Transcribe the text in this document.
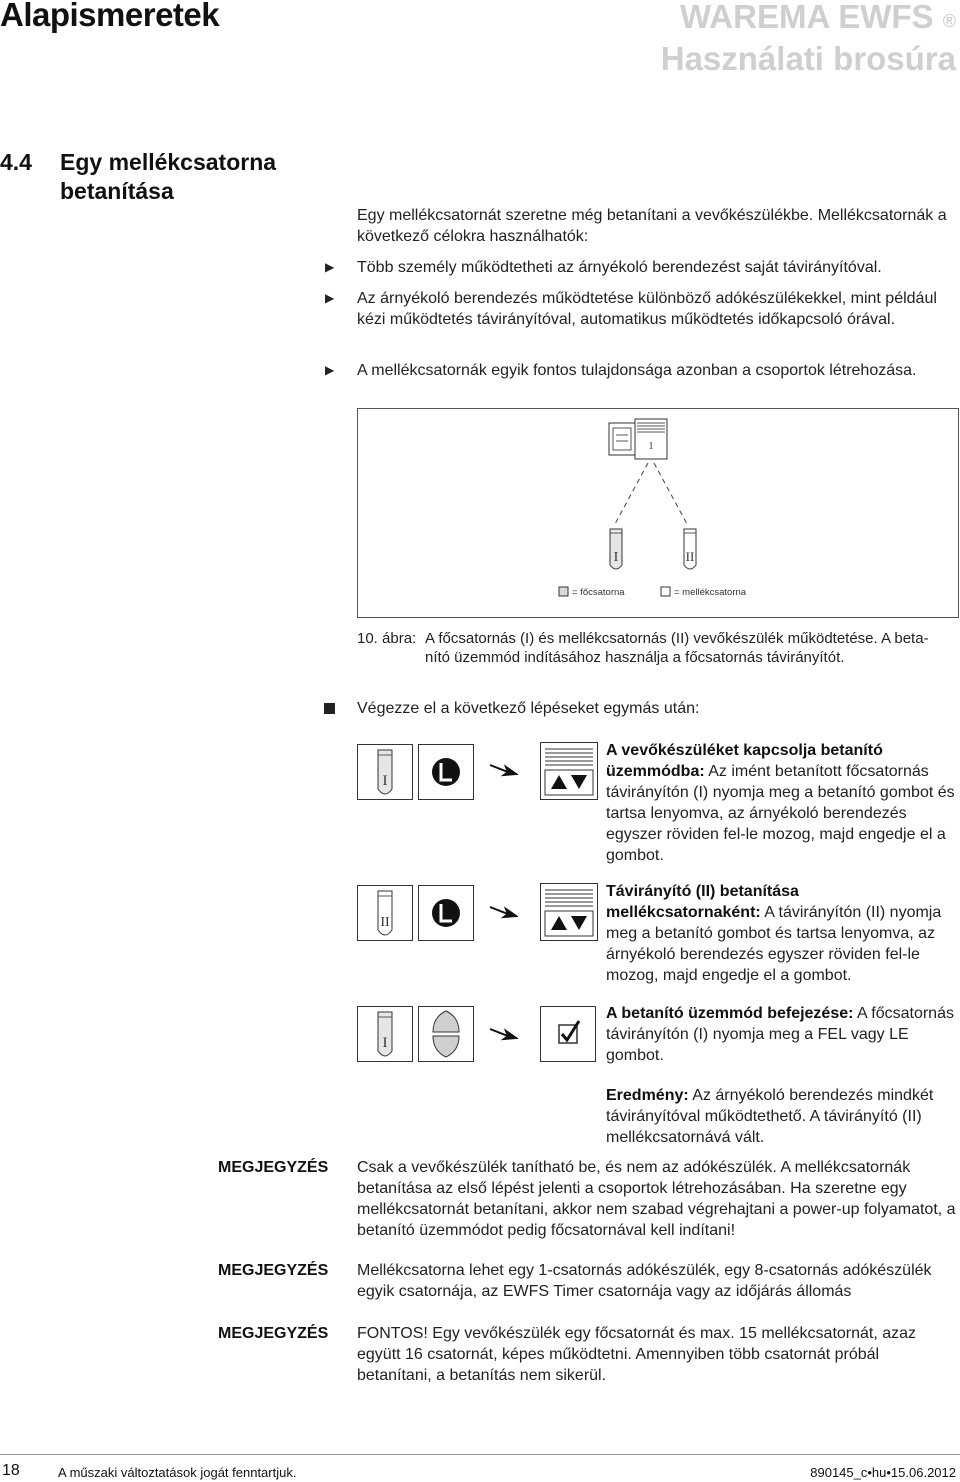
Alapismeretek	WAREMA EWFS ®
Használati brosúra
4.4 Egy mellékcsatorna
betanítása
Egy mellékcsatornát szeretne még betanítani a vevőkészülékbe. Mellékcsatornák a következő célokra használhatók:
▶ Több személy működtetheti az árnyékoló berendezést saját távirányítóval.
▶ Az árnyékoló berendezés működtetése különböző adókészülékekkel, mint például kézi működtetés távirányítóval, automatikus működtetés időkapcsoló órával.
▶ A mellékcsatornák egyik fontos tulajdonsága azonban a csoportok létrehozása.
1
I	II
= főcsatorna	= mellékcsatorna
10. ábra: A főcsatornás (I) és mellékcsatornás (II) vevőkészülék működtetése. A beta-
nító üzemmód indításához használja a főcsatornás távirányítót.
Végezze el a következő lépéseket egymás után:
I
A vevőkészüléket kapcsolja betanító üzemmódba: Az imént betanított főcsatornás távirányítón (I) nyomja meg a betanító gombot és tartsa lenyomva, az árnyékoló berendezés egyszer röviden fel-le mozog, majd engedje el a gombot.
II
Távirányító (II) betanítása mellékcsatornaként: A távirányítón (II) nyomja meg a betanító gombot és tartsa lenyomva, az árnyékoló berendezés egyszer röviden fel-le mozog, majd engedje el a gombot.
I
A betanító üzemmód befejezése: A főcsatornás távirányítón (I) nyomja meg a FEL vagy LE gombot.
Eredmény: Az árnyékoló berendezés mindkét távirányítóval működtethető. A távirányító (II) mellékcsatornává vált.
MEGJEGYZÉS Csak a vevőkészülék tanítható be, és nem az adókészülék. A mellékcsatornák betanítása az első lépést jelenti a csoportok létrehozásában. Ha szeretne egy mellékcsatornát betanítani, akkor nem szabad végrehajtani a power-up folyamatot, a betanító üzemmódot pedig főcsatornával kell indítani!
MEGJEGYZÉS Mellékcsatorna lehet egy 1-csatornás adókészülék, egy 8-csatornás adókészülék egyik csatornája, az EWFS Timer csatornája vagy az időjárás állomás
MEGJEGYZÉS FONTOS! Egy vevőkészülék egy főcsatornát és max. 15 mellékcsatornát, azaz együtt 16 csatornát, képes működtetni. Amennyiben több csatornát próbál betanítani, a betanítás nem sikerül.
18	A műszaki változtatások jogát fenntartjuk.	890145_c•hu•15.06.2012
